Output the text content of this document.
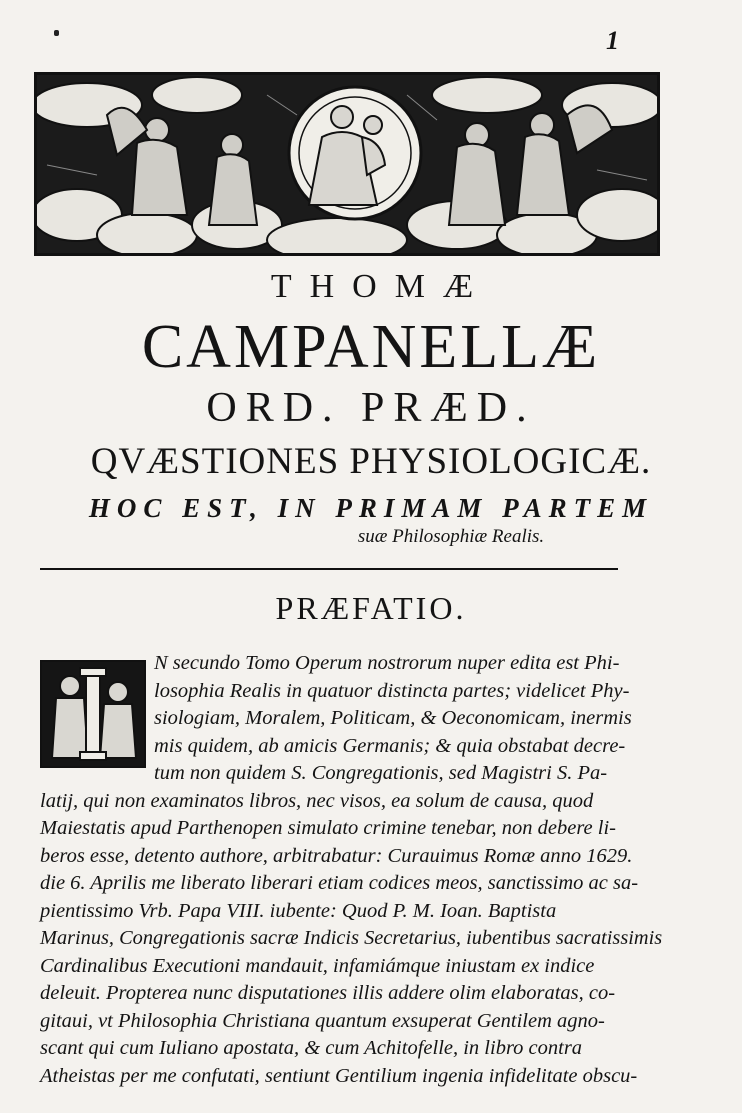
1
THOMÆ
CAMPANELLÆ
ORD. PRÆD.
QVÆSTIONES PHYSIOLOGICÆ.
HOC EST, IN PRIMAM PARTEM
suæ Philosophiæ Realis.
PRÆFATIO.
N secundo Tomo Operum nostrorum nuper edita est Phi-
losophia Realis in quatuor distincta partes; videlicet Phy-
siologiam, Moralem, Politicam, & Oeconomicam, inermis
mis quidem, ab amicis Germanis; & quia obstabat decre-
tum non quidem S. Congregationis, sed Magistri S. Pa-
latij, qui non examinatos libros, nec visos, ea solum de causa, quod
Maiestatis apud Parthenopen simulato crimine tenebar, non debere li-
beros esse, detento authore, arbitrabatur: Curauimus Romæ anno 1629.
die 6. Aprilis me liberato liberari etiam codices meos, sanctissimo ac sa-
pientissimo Vrb. Papa VIII. iubente: Quod P. M. Ioan. Baptista
Marinus, Congregationis sacræ Indicis Secretarius, iubentibus sacratissimis
Cardinalibus Executioni mandauit, infamiámque iniustam ex indice
deleuit. Propterea nunc disputationes illis addere olim elaboratas, co-
gitaui, vt Philosophia Christiana quantum exsuperat Gentilem agno-
scant qui cum Iuliano apostata, & cum Achitofelle, in libro contra
Atheistas per me confutati, sentiunt Gentilium ingenia infidelitate obscu-
